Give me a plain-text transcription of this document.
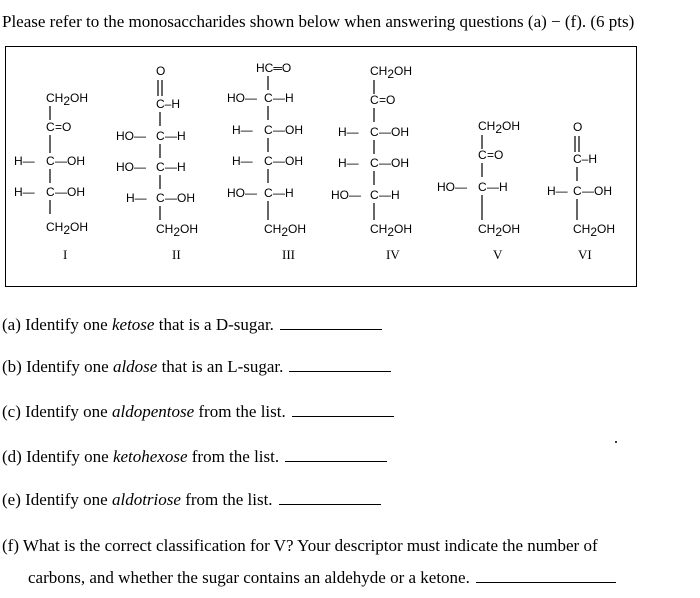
Please refer to the monosaccharides shown below when answering questions (a) − (f). (6 pts)
CH2OH
C =O
H— C —OH
H— C —OH
CH2OH
I
O
C–H
HO— C —H
HO— C —H
H— C —OH
CH2OH
II
HC═O
HO— C —H
H— C —OH
H— C —OH
HO— C —H
CH2OH
III
CH2OH
C =O
H— C —OH
H— C —OH
HO— C —H
CH2OH
IV
CH2OH
C =O
HO— C —H
CH2OH
V
O
C–H
H— C —OH
CH2OH
VI
(a) Identify one ketose that is a D-sugar.
(b) Identify one aldose that is an L-sugar.
(c) Identify one aldopentose from the list.
(d) Identify one ketohexose from the list.
(e) Identify one aldotriose from the list.
(f) What is the correct classification for V? Your descriptor must indicate the number of
carbons, and whether the sugar contains an aldehyde or a ketone.
